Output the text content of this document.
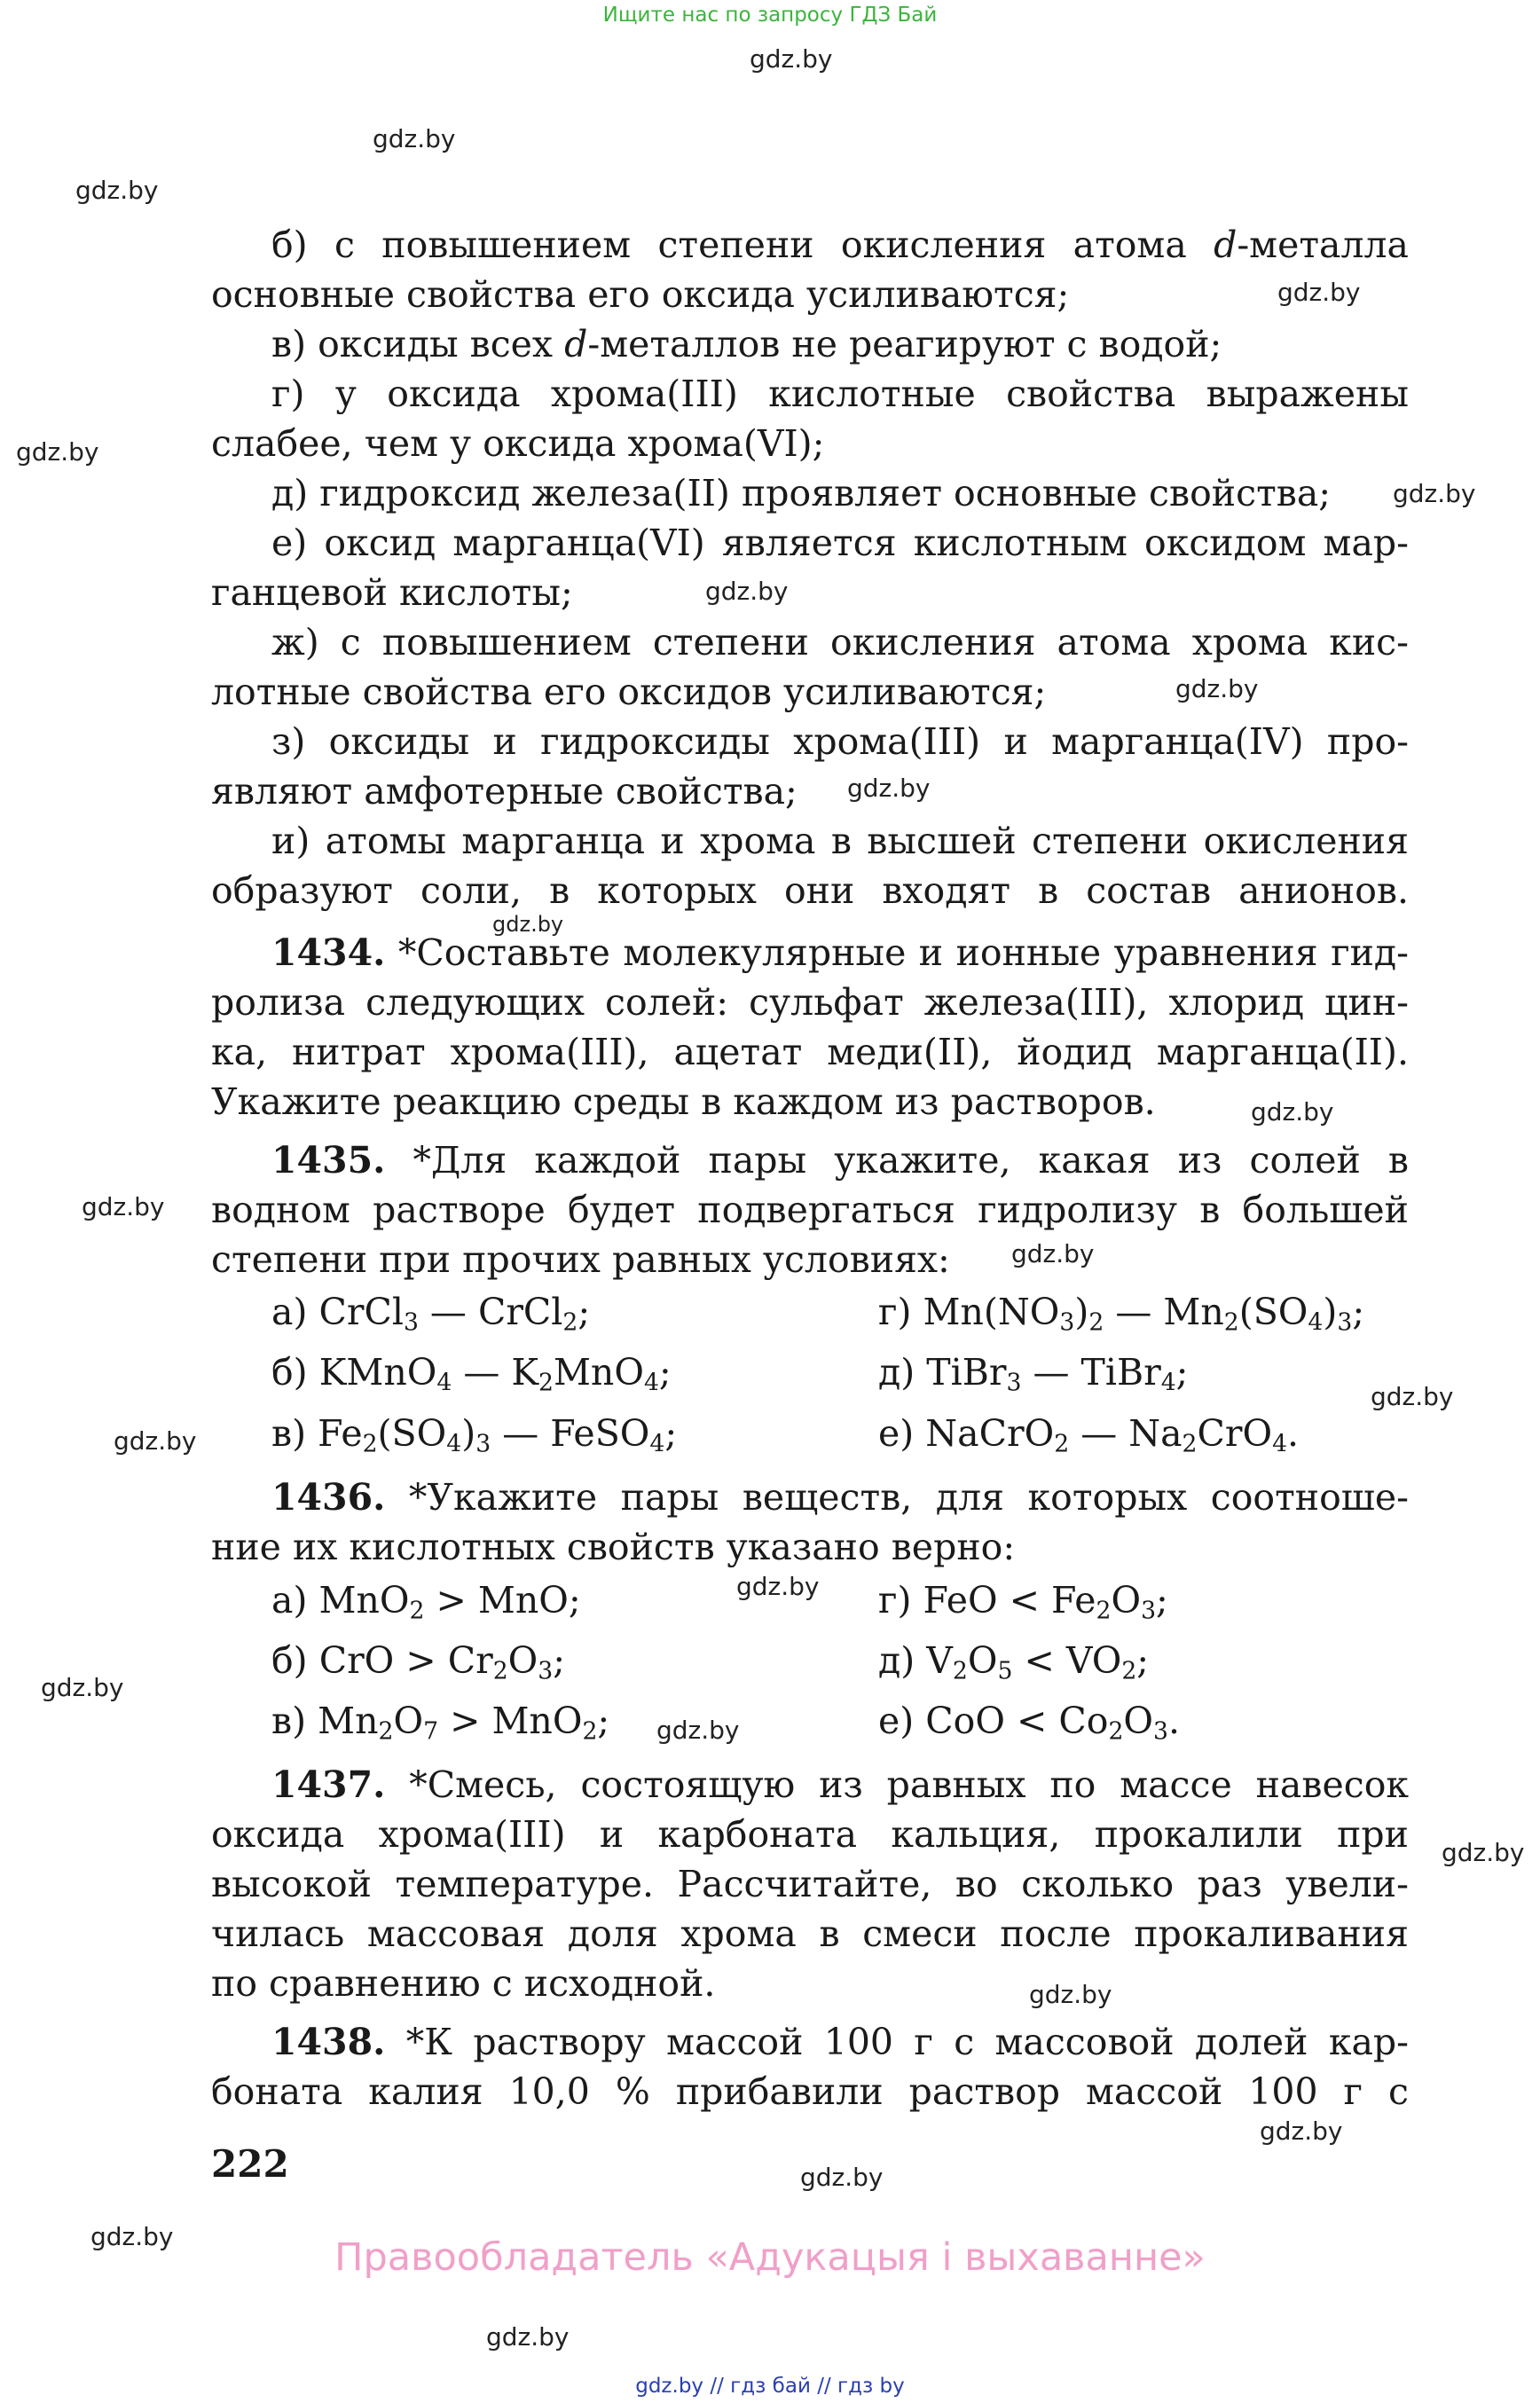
Ищите нас по запросу ГДЗ Бай
gdz.by
gdz.by
gdz.by
gdz.by
gdz.by
gdz.by
gdz.by
gdz.by
gdz.by
gdz.by
gdz.by
gdz.by
gdz.by
gdz.by
gdz.by
gdz.by
gdz.by
gdz.by
gdz.by
gdz.by
gdz.by
gdz.by
gdz.by
gdz.by
б) с повышением степени окисления атома d-металла
основные свойства его оксида усиливаются;
в) оксиды всех d-металлов не реагируют с водой;
г) у оксида хрома(III) кислотные свойства выражены
слабее, чем у оксида хрома(VI);
д) гидроксид железа(II) проявляет основные свойства;
е) оксид марганца(VI) является кислотным оксидом мар-
ганцевой кислоты;
ж) с повышением степени окисления атома хрома кис-
лотные свойства его оксидов усиливаются;
з) оксиды и гидроксиды хрома(III) и марганца(IV) про-
являют амфотерные свойства;
и) атомы марганца и хрома в высшей степени окисления
образуют соли, в которых они входят в состав анионов.
1434. *Составьте молекулярные и ионные уравнения гид-
ролиза следующих солей: сульфат железа(III), хлорид цин-
ка, нитрат хрома(III), ацетат меди(II), йодид марганца(II).
Укажите реакцию среды в каждом из растворов.
1435. *Для каждой пары укажите, какая из солей в
водном растворе будет подвергаться гидролизу в большей
степени при прочих равных условиях:
а) CrCl$_3$ — CrCl$_2$;
б) KMnO$_4$ — $K_2MnO_4$;
в) $Fe_2(SO_4)_3$ — FeSO$_4$;
г) $Mn(NO_3)_2$ — $Mn_2(SO_4)_3$;
д) TiBr$_3$ — TiBr$_4$;
е) NaCrO$_2$ — $Na_2CrO_4$.
1436. *Укажите пары веществ, для которых соотноше-
ние их кислотных свойств указано верно:
а) MnO$_2$ > MnO;
б) CrO > $Cr_2O_3$;
в) $Mn_2O_7 > MnO_2$;
г) FeO < $Fe_2O_3$;
д) $V_2O_5 < VO_2$;
е) CoO < $Co_2O_3$.
1437. *Смесь, состоящую из равных по массе навесок
оксида хрома(III) и карбоната кальция, прокалили при
высокой температуре. Рассчитайте, во сколько раз увели-
чилась массовая доля хрома в смеси после прокаливания
по сравнению с исходной.
1438. *К раствору массой 100 г с массовой долей кар-
боната калия 10,0 % прибавили раствор массой 100 г с
222
Правообладатель «Адукацыя і выхаванне»
gdz.by // гдз бай // гдз by
